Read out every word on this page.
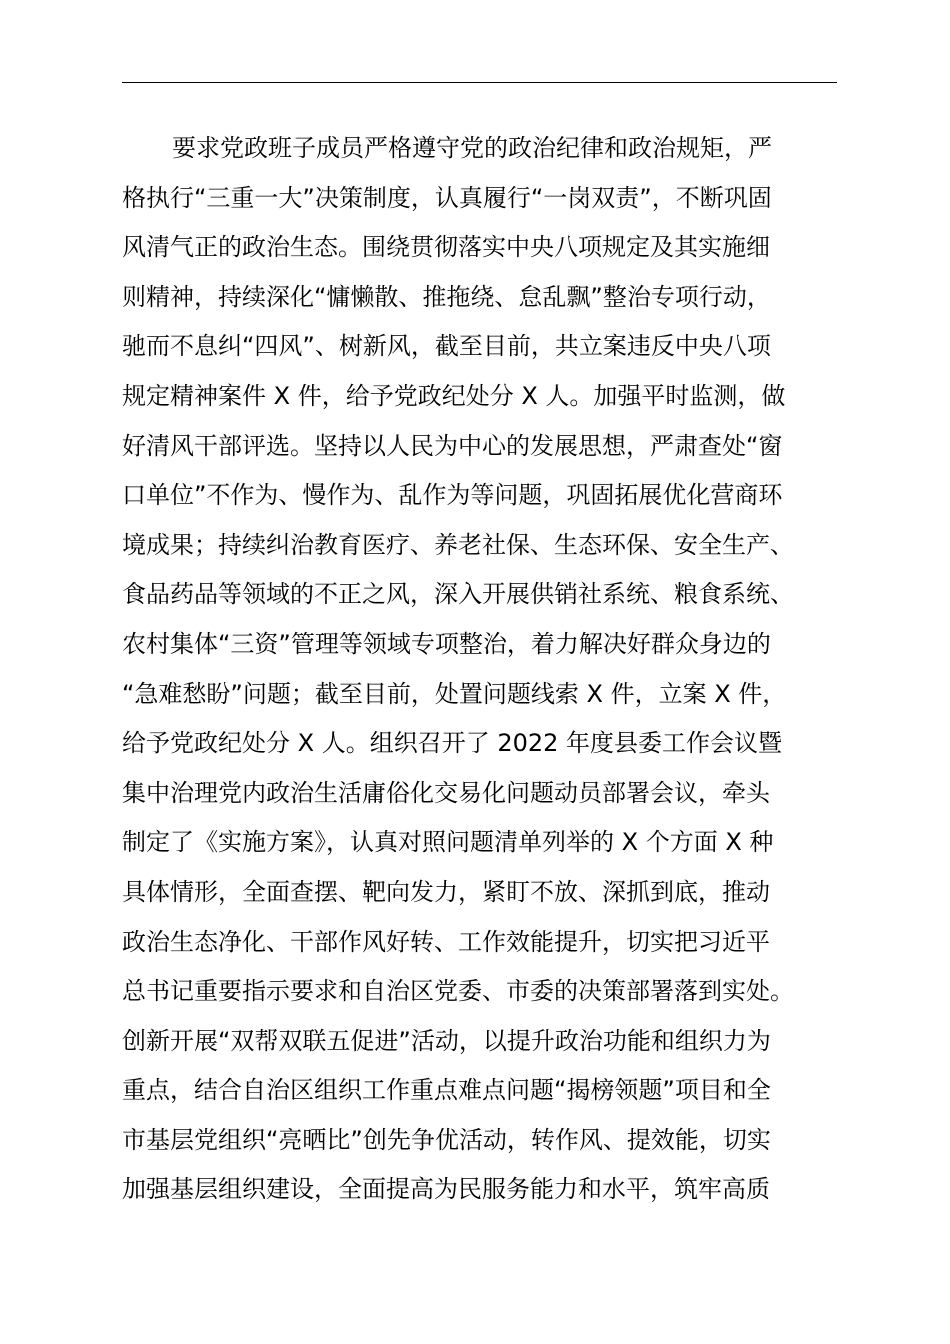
要求党政班子成员严格遵守党的政治纪律和政治规矩，严
格执行“三重一大”决策制度，认真履行“一岗双责”，不断巩固
风清气正的政治生态。围绕贯彻落实中央八项规定及其实施细
则精神，持续深化“慵懒散、推拖绕、怠乱飘”整治专项行动，
驰而不息纠“四风”、树新风，截至目前，共立案违反中央八项
规定精神案件 X 件，给予党政纪处分 X 人。加强平时监测，做
好清风干部评选。坚持以人民为中心的发展思想，严肃查处“窗
口单位”不作为、慢作为、乱作为等问题，巩固拓展优化营商环
境成果；持续纠治教育医疗、养老社保、生态环保、安全生产、
食品药品等领域的不正之风，深入开展供销社系统、粮食系统、
农村集体“三资”管理等领域专项整治，着力解决好群众身边的
“急难愁盼”问题；截至目前，处置问题线索 X 件，立案 X 件，
给予党政纪处分 X 人。组织召开了 2022 年度县委工作会议暨
集中治理党内政治生活庸俗化交易化问题动员部署会议，牵头
制定了《实施方案》，认真对照问题清单列举的 X 个方面 X 种
具体情形，全面查摆、靶向发力，紧盯不放、深抓到底，推动
政治生态净化、干部作风好转、工作效能提升，切实把习近平
总书记重要指示要求和自治区党委、市委的决策部署落到实处。
创新开展“双帮双联五促进”活动，以提升政治功能和组织力为
重点，结合自治区组织工作重点难点问题“揭榜领题”项目和全
市基层党组织“亮晒比”创先争优活动，转作风、提效能，切实
加强基层组织建设，全面提高为民服务能力和水平，筑牢高质
